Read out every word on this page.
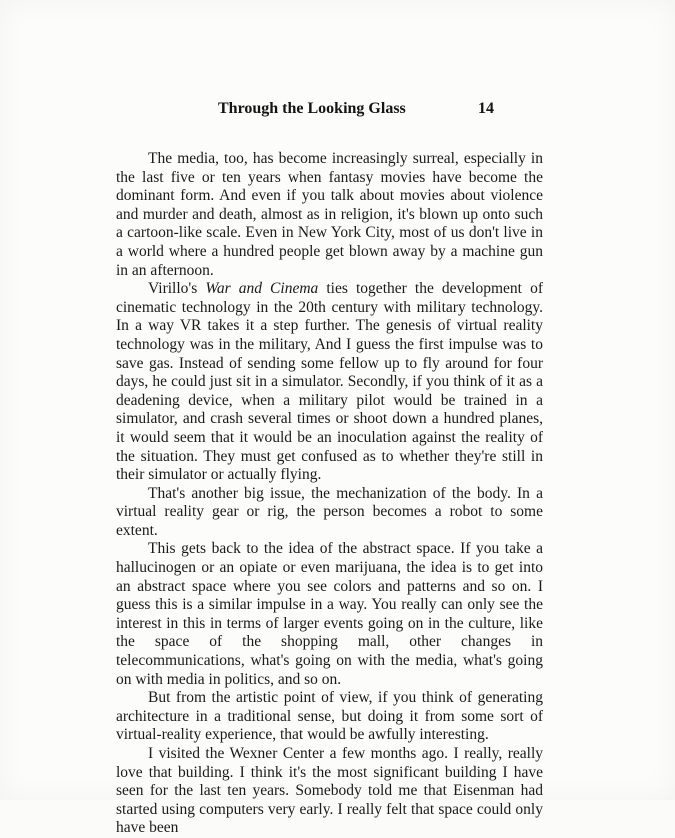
Through the Looking Glass	14

The media, too, has become increasingly surreal, especially in the last five or ten years when fantasy movies have become the dominant form. And even if you talk about movies about violence and murder and death, almost as in religion, it's blown up onto such a cartoon-like scale. Even in New York City, most of us don't live in a world where a hundred people get blown away by a machine gun in an afternoon.

Virillo's War and Cinema ties together the development of cinematic technology in the 20th century with military technology. In a way VR takes it a step further. The genesis of virtual reality technology was in the military, And I guess the first impulse was to save gas. Instead of sending some fellow up to fly around for four days, he could just sit in a simulator. Secondly, if you think of it as a deadening device, when a military pilot would be trained in a simulator, and crash several times or shoot down a hundred planes, it would seem that it would be an inoculation against the reality of the situation. They must get confused as to whether they're still in their simulator or actually flying.

That's another big issue, the mechanization of the body. In a virtual reality gear or rig, the person becomes a robot to some extent.

This gets back to the idea of the abstract space. If you take a hallucinogen or an opiate or even marijuana, the idea is to get into an abstract space where you see colors and patterns and so on. I guess this is a similar impulse in a way. You really can only see the interest in this in terms of larger events going on in the culture, like the space of the shopping mall, other changes in telecommunications, what's going on with the media, what's going on with media in politics, and so on.

But from the artistic point of view, if you think of generating architecture in a traditional sense, but doing it from some sort of virtual-reality experience, that would be awfully interesting.

I visited the Wexner Center a few months ago. I really, really love that building. I think it's the most significant building I have seen for the last ten years. Somebody told me that Eisenman had started using computers very early. I really felt that space could only have been
